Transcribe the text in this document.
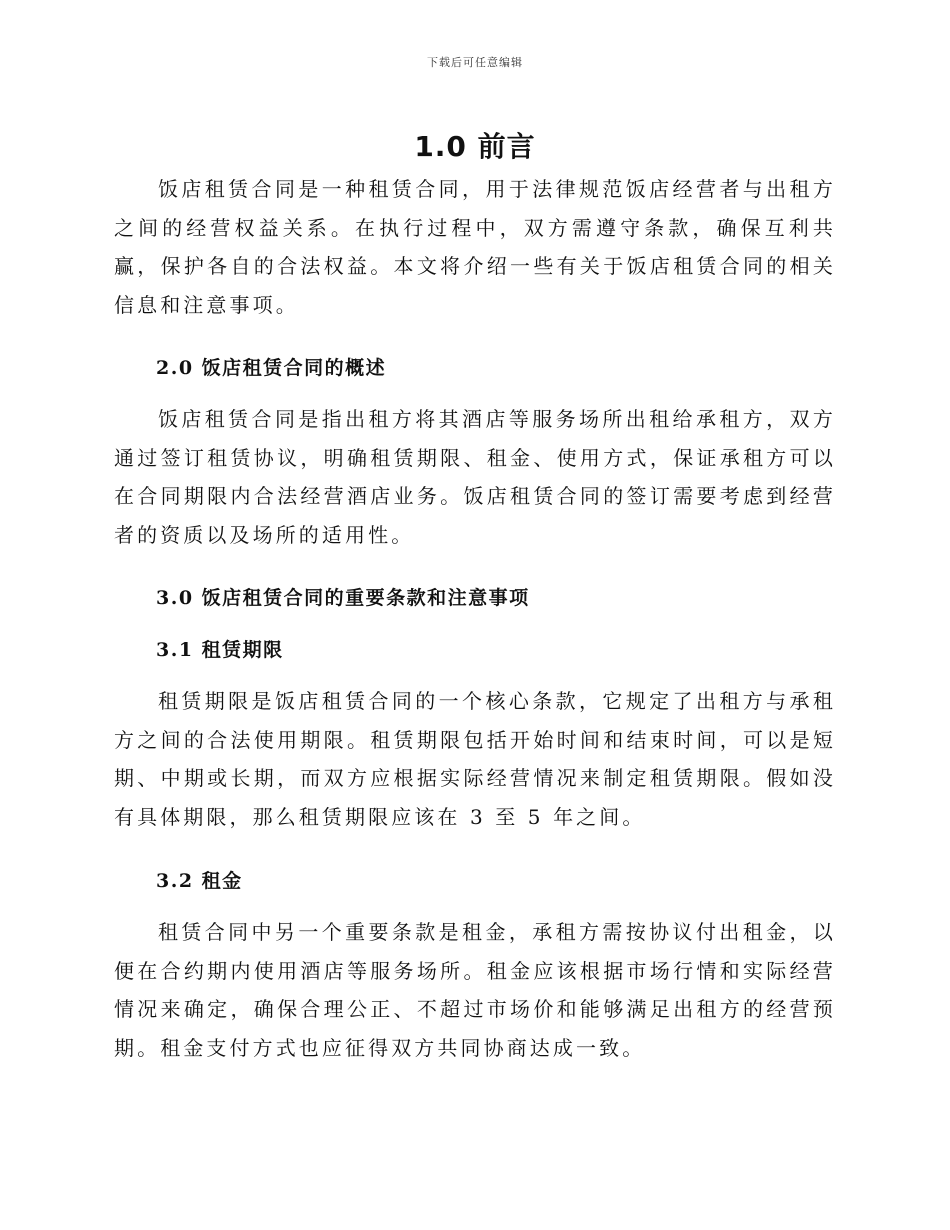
下载后可任意编辑
1.0 前言

饭店租赁合同是一种租赁合同，用于法律规范饭店经营者与出租方之间的经营权益关系。在执行过程中，双方需遵守条款，确保互利共赢，保护各自的合法权益。本文将介绍一些有关于饭店租赁合同的相关信息和注意事项。

2.0 饭店租赁合同的概述

饭店租赁合同是指出租方将其酒店等服务场所出租给承租方，双方通过签订租赁协议，明确租赁期限、租金、使用方式，保证承租方可以在合同期限内合法经营酒店业务。饭店租赁合同的签订需要考虑到经营者的资质以及场所的适用性。

3.0 饭店租赁合同的重要条款和注意事项
3.1 租赁期限

租赁期限是饭店租赁合同的一个核心条款，它规定了出租方与承租方之间的合法使用期限。租赁期限包括开始时间和结束时间，可以是短期、中期或长期，而双方应根据实际经营情况来制定租赁期限。假如没有具体期限，那么租赁期限应该在 3 至 5 年之间。

3.2 租金

租赁合同中另一个重要条款是租金，承租方需按协议付出租金，以便在合约期内使用酒店等服务场所。租金应该根据市场行情和实际经营情况来确定，确保合理公正、不超过市场价和能够满足出租方的经营预期。租金支付方式也应征得双方共同协商达成一致。
